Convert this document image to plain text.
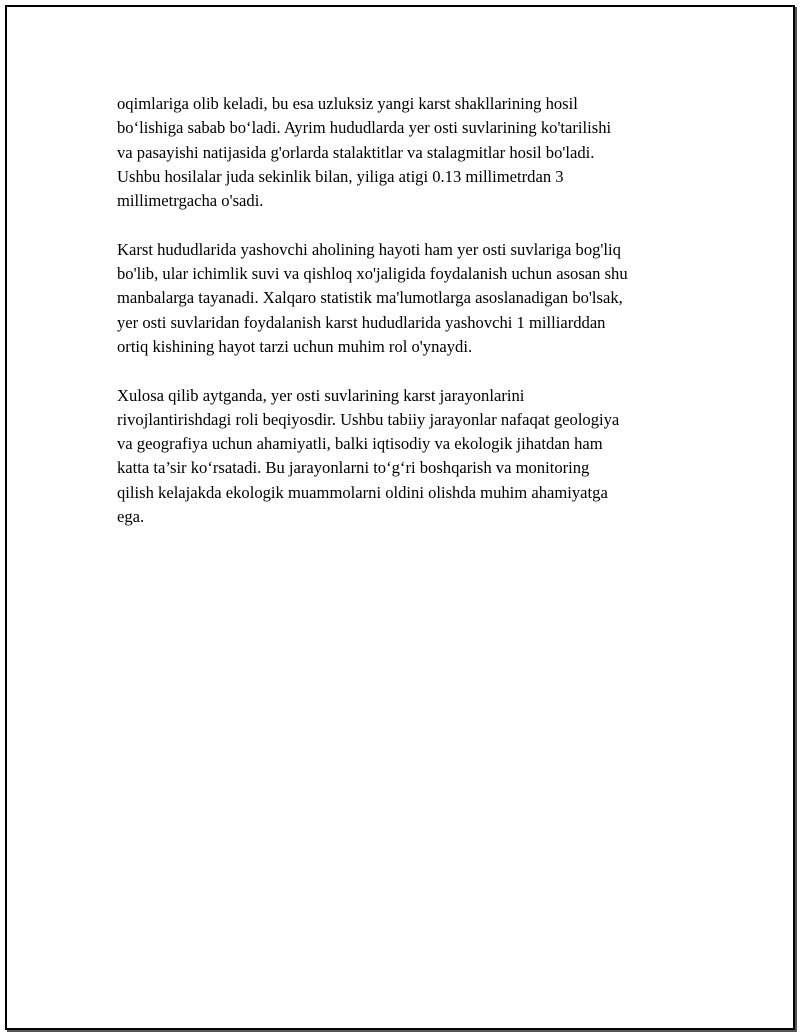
oqimlariga olib keladi, bu esa uzluksiz yangi karst shakllarining hosil
bo‘lishiga sabab bo‘ladi. Ayrim hududlarda yer osti suvlarining ko'tarilishi
va pasayishi natijasida g'orlarda stalaktitlar va stalagmitlar hosil bo'ladi.
Ushbu hosilalar juda sekinlik bilan, yiliga atigi 0.13 millimetrdan 3
millimetrgacha o'sadi.

Karst hududlarida yashovchi aholining hayoti ham yer osti suvlariga bog'liq
bo'lib, ular ichimlik suvi va qishloq xo'jaligida foydalanish uchun asosan shu
manbalarga tayanadi. Xalqaro statistik ma'lumotlarga asoslanadigan bo'lsak,
yer osti suvlaridan foydalanish karst hududlarida yashovchi 1 milliarddan
ortiq kishining hayot tarzi uchun muhim rol o'ynaydi.

Xulosa qilib aytganda, yer osti suvlarining karst jarayonlarini
rivojlantirishdagi roli beqiyosdir. Ushbu tabiiy jarayonlar nafaqat geologiya
va geografiya uchun ahamiyatli, balki iqtisodiy va ekologik jihatdan ham
katta ta’sir ko‘rsatadi. Bu jarayonlarni to‘g‘ri boshqarish va monitoring
qilish kelajakda ekologik muammolarni oldini olishda muhim ahamiyatga
ega.
